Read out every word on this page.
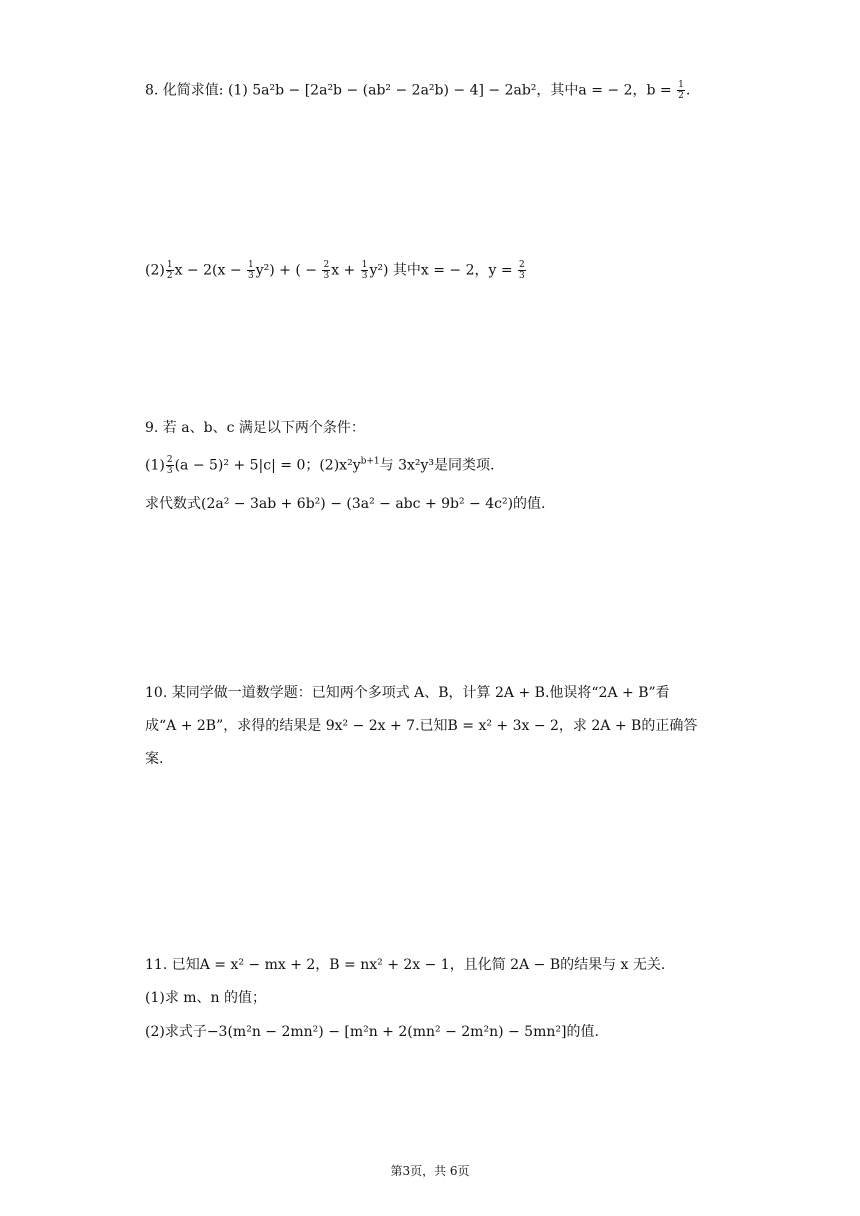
8. 化简求值: (1) 5a²b − [2a²b − (ab² − 2a²b) − 4] − 2ab²，其中a = − 2，$b = \frac{1}{2}$ .
$(2) \frac{1}{2}$ $x - 2(x - \frac{1}{3} y^2)$ + ( − $\frac{2}{3}$ $x + \frac{1}{3} y^2$) 其中x = − 2，$y = \frac{2}{3}$
9. 若 a、b、c 满足以下两个条件：
$(1) \frac{2}{3} (a - 5)^2 + 5|c| = 0$；$(2)x^2y^{b+1}$与 3x²y³是同类项.
求代数式(2a² − 3ab + 6b²) − (3a² − abc + 9b² − 4c²)的值.
10. 某同学做一道数学题：已知两个多项式 A、B，计算 2A + B.他误将“2A + B”看
成“A + 2B”，求得的结果是 9x² − 2x + 7.已知B = x² + 3x − 2，求 2A + B的正确答
案.
11. 已知A = x² − mx + 2，B = nx² + 2x − 1，且化简 2A − B的结果与 x 无关.
(1)求 m、n 的值；
(2)求式子−3(m²n − 2mn²) − [m²n + 2(mn² − 2m²n) − 5mn²]的值.
第3页，共 6页
